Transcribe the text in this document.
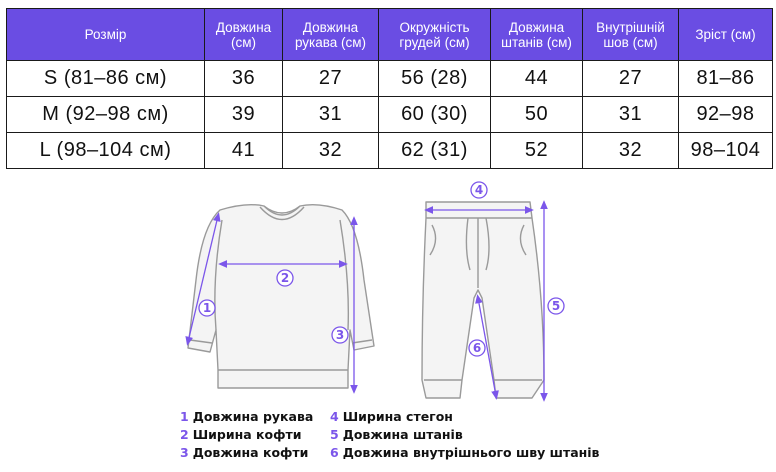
Розмір	Довжина (см)	Довжина рукава (см)	Окружність грудей (см)	Довжина штанів (см)	Внутрішній шов (см)	Зріст (см)
S (81–86 см)	36	27	56 (28)	44	27	81–86
M (92–98 см)	39	31	60 (30)	50	31	92–98
L (98–104 см)	41	32	62 (31)	52	32	98–104
1
2
3
4
5
6
1 Довжина рукава
2 Ширина кофти
3 Довжина кофти
4 Ширина стегон
5 Довжина штанів
6 Довжина внутрішнього шву штанів
